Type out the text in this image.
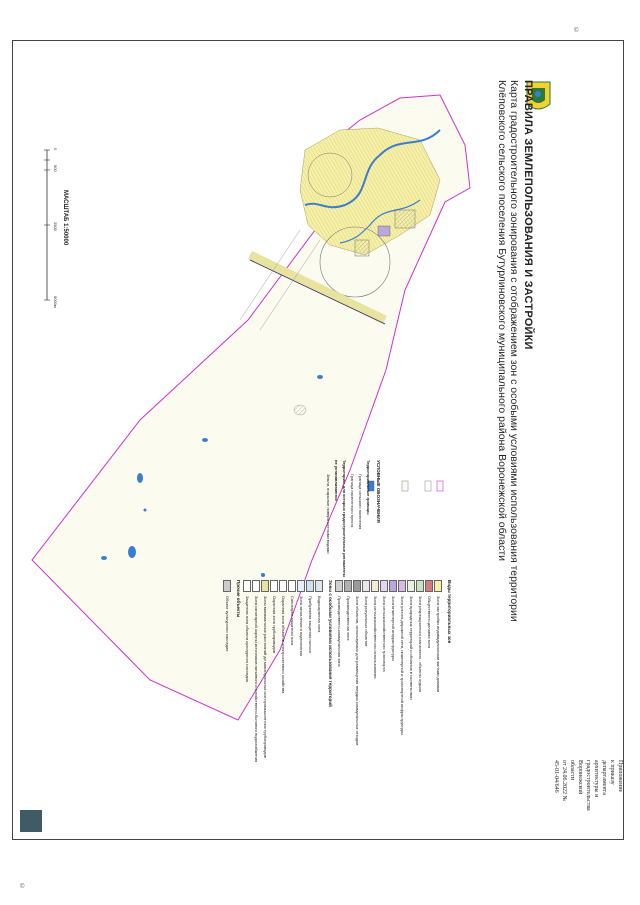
©
©
ПРАВИЛА ЗЕМЛЕПОЛЬЗОВАНИЯ И ЗАСТРОЙКИ
Карта градостроительного зонирования с отображением зон с особыми условиями использования территории
Клёповского сельского поселения Бутурлиновского муниципального района Воронежской области
Приложение
к приказу департамента
архитектуры и градостроительства
Воронежской области
от 24.06.2022 № 45-01-04/646
МАСШТАБ 1:50000
0
500
2500
5000м
УСЛОВНЫЕ ОБОЗНАЧЕНИЯ
Территориальные границы
Граница сельского поселения
Граница населенного пункта
Территории, для которых градостроительные регламенты не устанавливаются
Земли, покрытые поверхностными водами
Виды территориальных зон
Зона застройки индивидуальными жилыми домами
Общественно-деловая зона
Зона рекреационного назначения - объекты отдыха
Зона природных территорий и объектов в соответствии
Зона улично-дорожной сети, инженерной и транспортной инфраструктуры
Зона инженерной инфраструктуры
Зона сельскохозяйственного транспорта
Зона сельскохозяйственного использования
Зона ритуальных объектов
Зона объектов, используемых для размещения твердых коммунальных отходов
Производственная зона
Производственно-коммунальная зона
Зоны с особыми условиями использования территорий
Водоохранная зона
Прибрежная защитная полоса
Зона затопления и подтопления
Санитарно-защитная зона
Охранная зона объектов электросетевого хозяйства
Охранная зона трубопроводов
Зоны минимальных расстояний до магистральных или промышленных трубопроводов
Зона санитарной охраны источников питьевого и хозяйственно-бытового водоснабжения
Защитная зона объекта культурного наследия
Прочие объекты
Объект культурного наследия
